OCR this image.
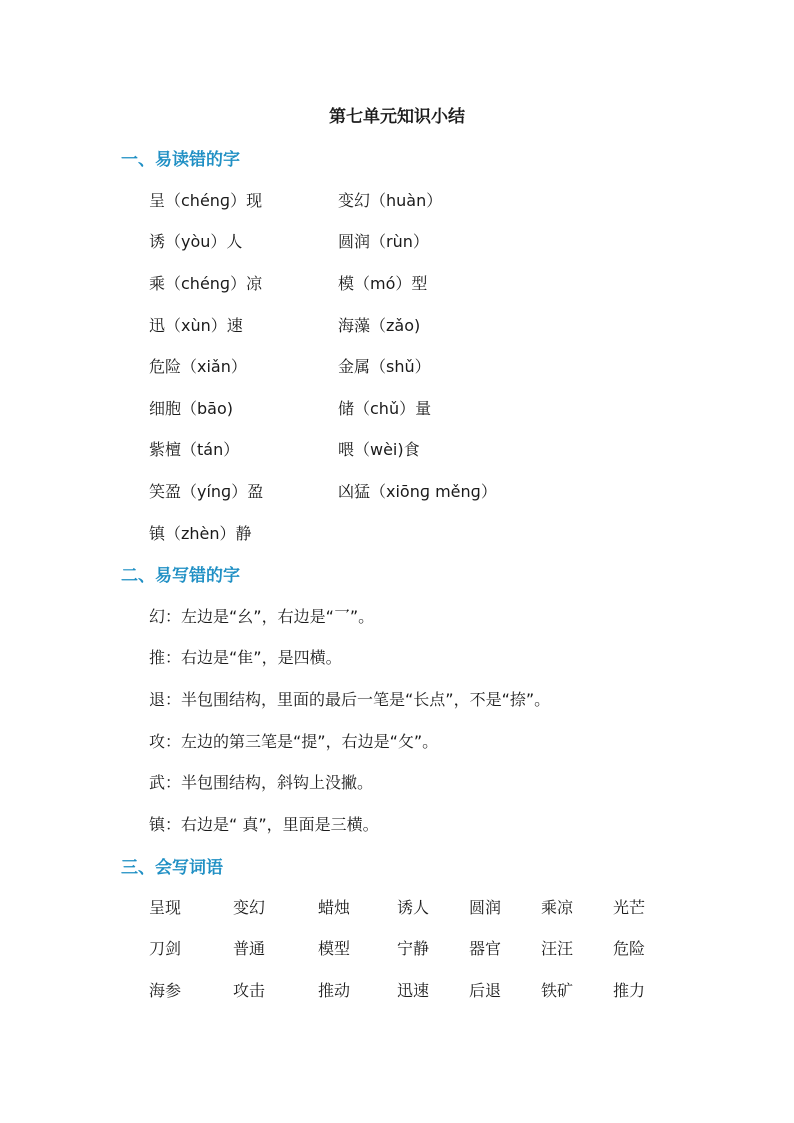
第七单元知识小结
一、易读错的字
呈（chénɡ）现	变幻（huàn）
诱（yòu）人	圆润（rùn）
乘（chénɡ）凉	模（mó）型
迅（xùn）速	海藻（zǎo)
危险（xiǎn）	金属（shǔ）
细胞（bāo)	储（chǔ）量
紫檀（tán）	喂（wèi)食
笑盈（yínɡ）盈	凶猛（xiōnɡ měnɡ）
镇（zhèn）静
二、易写错的字
幻：左边是“幺”，右边是“乛”。
推：右边是“隹”，是四横。
退：半包围结构，里面的最后一笔是“长点”，不是“捺”。
攻：左边的第三笔是“提”，右边是“攵”。
武：半包围结构，斜钩上没撇。
镇：右边是“ 真”，里面是三横。
三、会写词语
呈现	变幻	蜡烛	诱人 圆润 乘凉 光芒
刀剑	普通	模型	宁静 器官 汪汪 危险
海参	攻击	推动	迅速 后退 铁矿 推力
